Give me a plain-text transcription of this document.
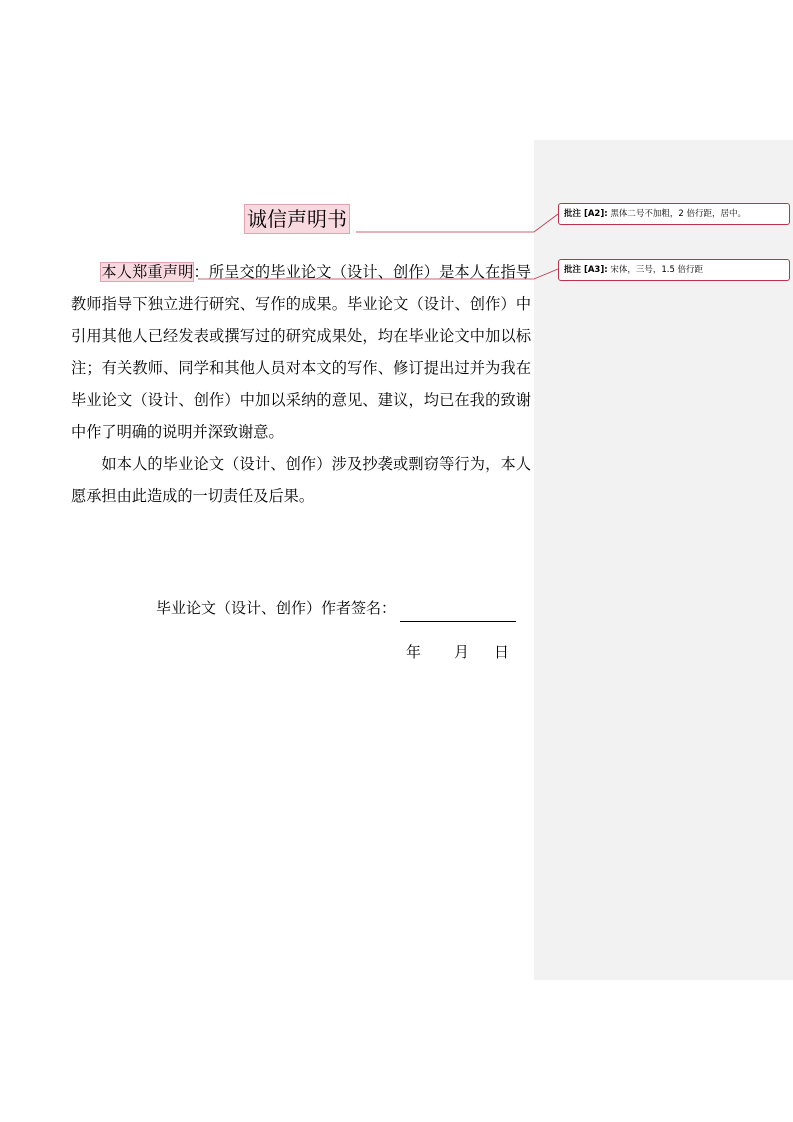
诚信声明书

本人郑重声明：所呈交的毕业论文（设计、创作）是本人在指导教师指导下独立进行研究、写作的成果。毕业论文（设计、创作）中引用其他人已经发表或撰写过的研究成果处，均在毕业论文中加以标注；有关教师、同学和其他人员对本文的写作、修订提出过并为我在毕业论文（设计、创作）中加以采纳的意见、建议，均已在我的致谢中作了明确的说明并深致谢意。

如本人的毕业论文（设计、创作）涉及抄袭或剽窃等行为，本人愿承担由此造成的一切责任及后果。

毕业论文（设计、创作）作者签名：
年 月 日
批注 [A2]: 黑体二号不加粗，2 倍行距，居中。
批注 [A3]: 宋体，三号，1.5 倍行距
